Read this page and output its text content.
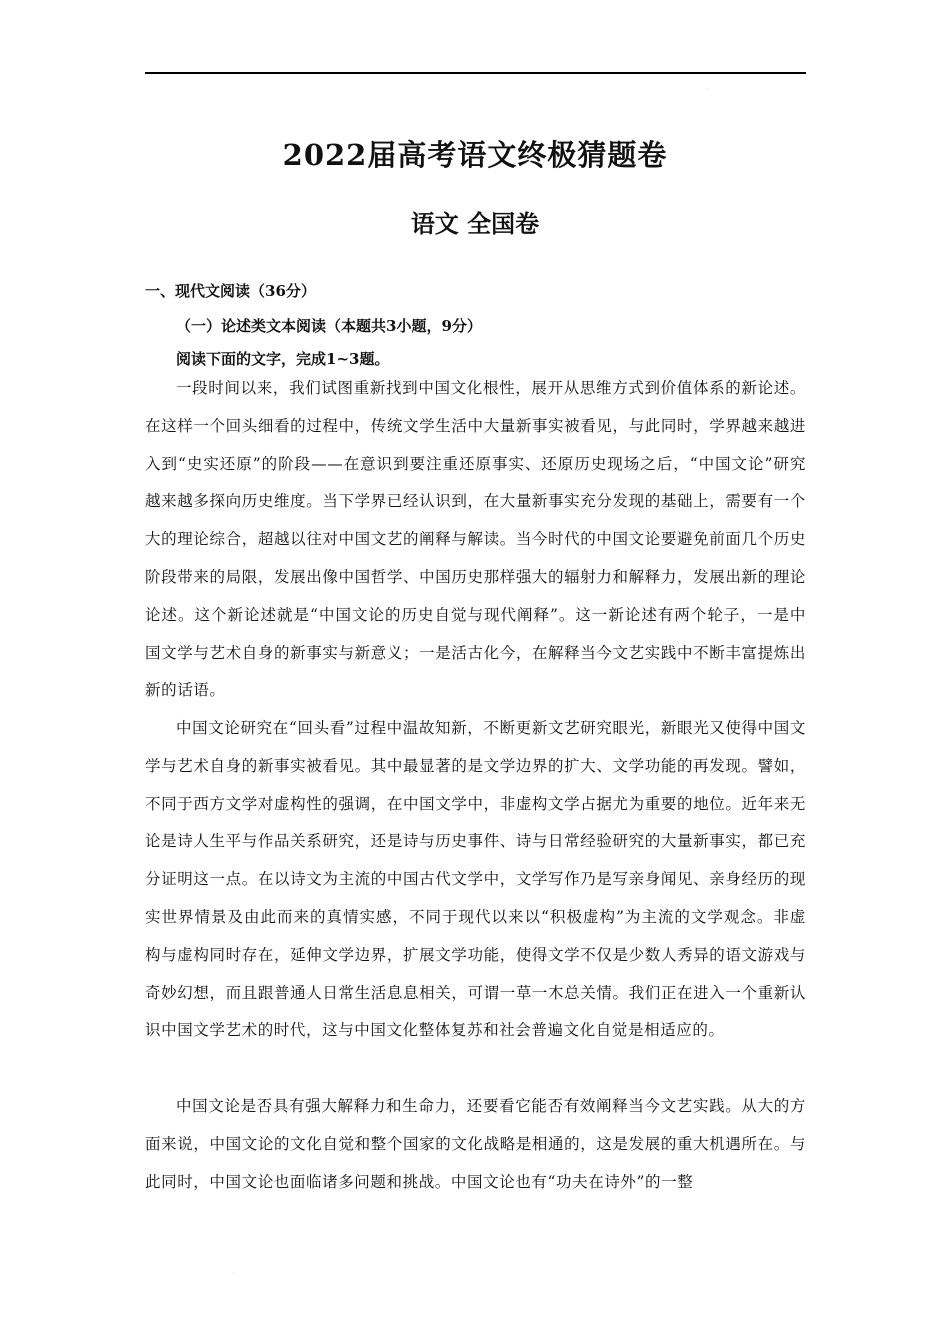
·
2022届高考语文终极猜题卷
语文 全国卷
一、现代文阅读（36分）
（一）论述类文本阅读（本题共3小题，9分）
阅读下面的文字，完成1~3题。

一段时间以来，我们试图重新找到中国文化根性，展开从思维方式到价值体系的新论述。在这样一个回头细看的过程中，传统文学生活中大量新事实被看见，与此同时，学界越来越进入到“史实还原”的阶段——在意识到要注重还原事实、还原历史现场之后，“中国文论”研究越来越多探向历史维度。当下学界已经认识到，在大量新事实充分发现的基础上，需要有一个大的理论综合，超越以往对中国文艺的阐释与解读。当今时代的中国文论要避免前面几个历史阶段带来的局限，发展出像中国哲学、中国历史那样强大的辐射力和解释力，发展出新的理论论述。这个新论述就是“中国文论的历史自觉与现代阐释”。这一新论述有两个轮子，一是中国文学与艺术自身的新事实与新意义；一是活古化今，在解释当今文艺实践中不断丰富提炼出新的话语。

中国文论研究在“回头看”过程中温故知新，不断更新文艺研究眼光，新眼光又使得中国文学与艺术自身的新事实被看见。其中最显著的是文学边界的扩大、文学功能的再发现。譬如，不同于西方文学对虚构性的强调，在中国文学中，非虚构文学占据尤为重要的地位。近年来无论是诗人生平与作品关系研究，还是诗与历史事件、诗与日常经验研究的大量新事实，都已充分证明这一点。在以诗文为主流的中国古代文学中，文学写作乃是写亲身闻见、亲身经历的现实世界情景及由此而来的真情实感，不同于现代以来以“积极虚构”为主流的文学观念。非虚构与虚构同时存在，延伸文学边界，扩展文学功能，使得文学不仅是少数人秀异的语文游戏与奇妙幻想，而且跟普通人日常生活息息相关，可谓一草一木总关情。我们正在进入一个重新认识中国文学艺术的时代，这与中国文化整体复苏和社会普遍文化自觉是相适应的。

中国文论是否具有强大解释力和生命力，还要看它能否有效阐释当今文艺实践。从大的方面来说，中国文论的文化自觉和整个国家的文化战略是相通的，这是发展的重大机遇所在。与此同时，中国文论也面临诸多问题和挑战。中国文论也有“功夫在诗外”的一整

·
